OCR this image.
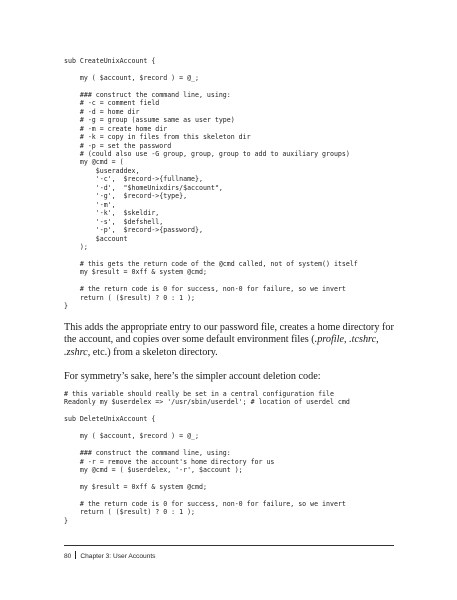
sub CreateUnixAccount {

my ( $account, $record ) = @_;

### construct the command line, using:
# -c = comment field
# -d = home dir
# -g = group (assume same as user type)
# -m = create home dir
# -k = copy in files from this skeleton dir
# -p = set the password
# (could also use -G group, group, group to add to auxiliary groups)
my @cmd = (
$useraddex,
'-c',  $record->{fullname},
'-d',  "$homeUnixdirs/$account",
'-g',  $record->{type},
'-m',
'-k',  $skeldir,
'-s',  $defshell,
'-p',  $record->{password},
$account
);

# this gets the return code of the @cmd called, not of system() itself
my $result = 0xff & system @cmd;

# the return code is 0 for success, non-0 for failure, so we invert
return ( ($result) ? 0 : 1 );
}

This adds the appropriate entry to our password file, creates a home directory for the account, and copies over some default environment files (.profile, .tcshrc, .zshrc, etc.) from a skeleton directory.

For symmetry’s sake, here’s the simpler account deletion code:

# this variable should really be set in a central configuration file
Readonly my $userdelex => '/usr/sbin/userdel'; # location of userdel cmd

sub DeleteUnixAccount {

my ( $account, $record ) = @_;

### construct the command line, using:
# -r = remove the account's home directory for us
my @cmd = ( $userdelex, '-r', $account );

my $result = 0xff & system @cmd;

# the return code is 0 for success, non-0 for failure, so we invert
return ( ($result) ? 0 : 1 );
}
80 Chapter 3: User Accounts
